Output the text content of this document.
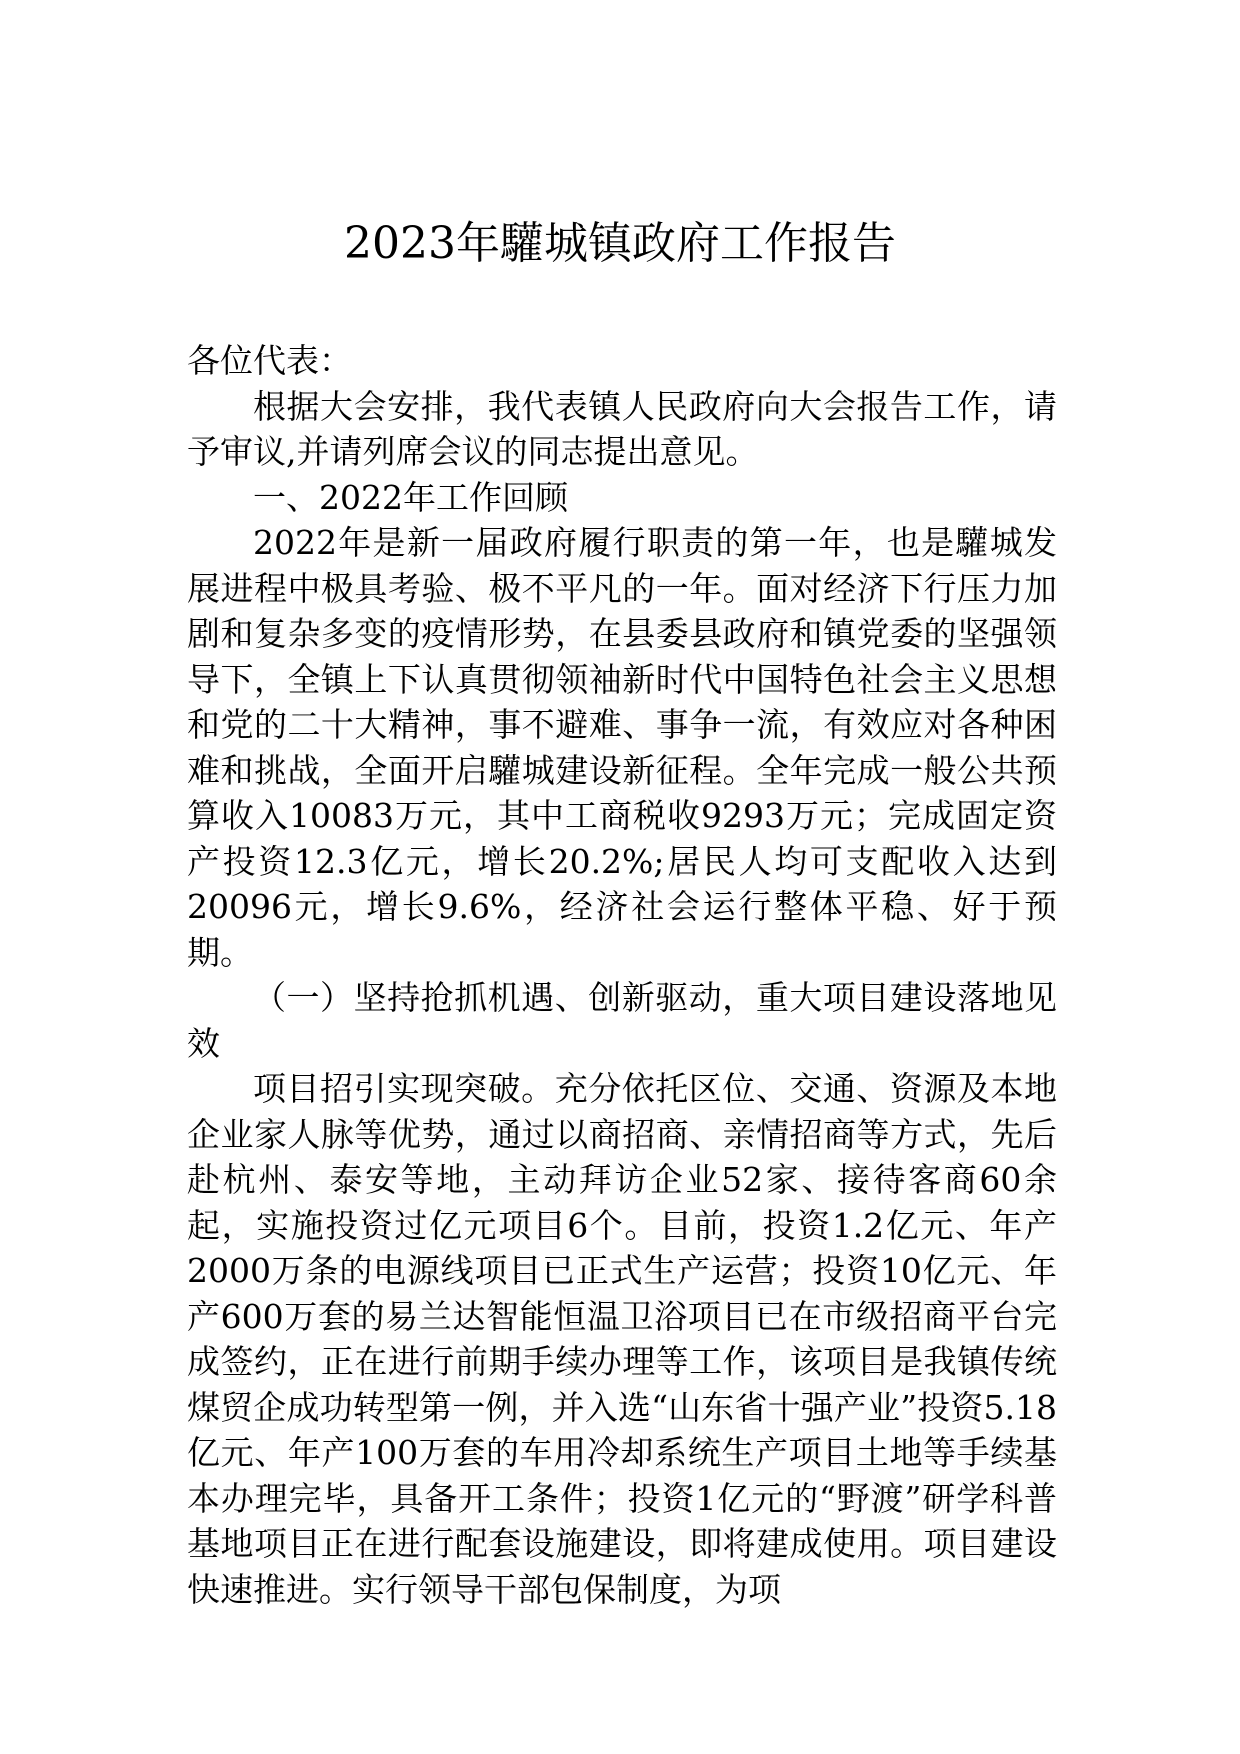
2023年驩城镇政府工作报告

各位代表：

根据大会安排，我代表镇人民政府向大会报告工作，请予审议,并请列席会议的同志提出意见。

一、2022年工作回顾

2022年是新一届政府履行职责的第一年，也是驩城发展进程中极具考验、极不平凡的一年。面对经济下行压力加剧和复杂多变的疫情形势，在县委县政府和镇党委的坚强领导下，全镇上下认真贯彻领袖新时代中国特色社会主义思想和党的二十大精神，事不避难、事争一流，有效应对各种困难和挑战，全面开启驩城建设新征程。全年完成一般公共预算收入10083万元，其中工商税收9293万元；完成固定资产投资12.3亿元，增长20.2%;居民人均可支配收入达到20096元，增长9.6%，经济社会运行整体平稳、好于预期。

（一）坚持抢抓机遇、创新驱动，重大项目建设落地见效

项目招引实现突破。充分依托区位、交通、资源及本地企业家人脉等优势，通过以商招商、亲情招商等方式，先后赴杭州、泰安等地，主动拜访企业52家、接待客商60余起，实施投资过亿元项目6个。目前，投资1.2亿元、年产2000万条的电源线项目已正式生产运营；投资10亿元、年产600万套的易兰达智能恒温卫浴项目已在市级招商平台完成签约，正在进行前期手续办理等工作，该项目是我镇传统煤贸企成功转型第一例，并入选“山东省十强产业”投资5.18亿元、年产100万套的车用冷却系统生产项目土地等手续基本办理完毕，具备开工条件；投资1亿元的“野渡”研学科普基地项目正在进行配套设施建设，即将建成使用。项目建设快速推进。实行领导干部包保制度，为项
